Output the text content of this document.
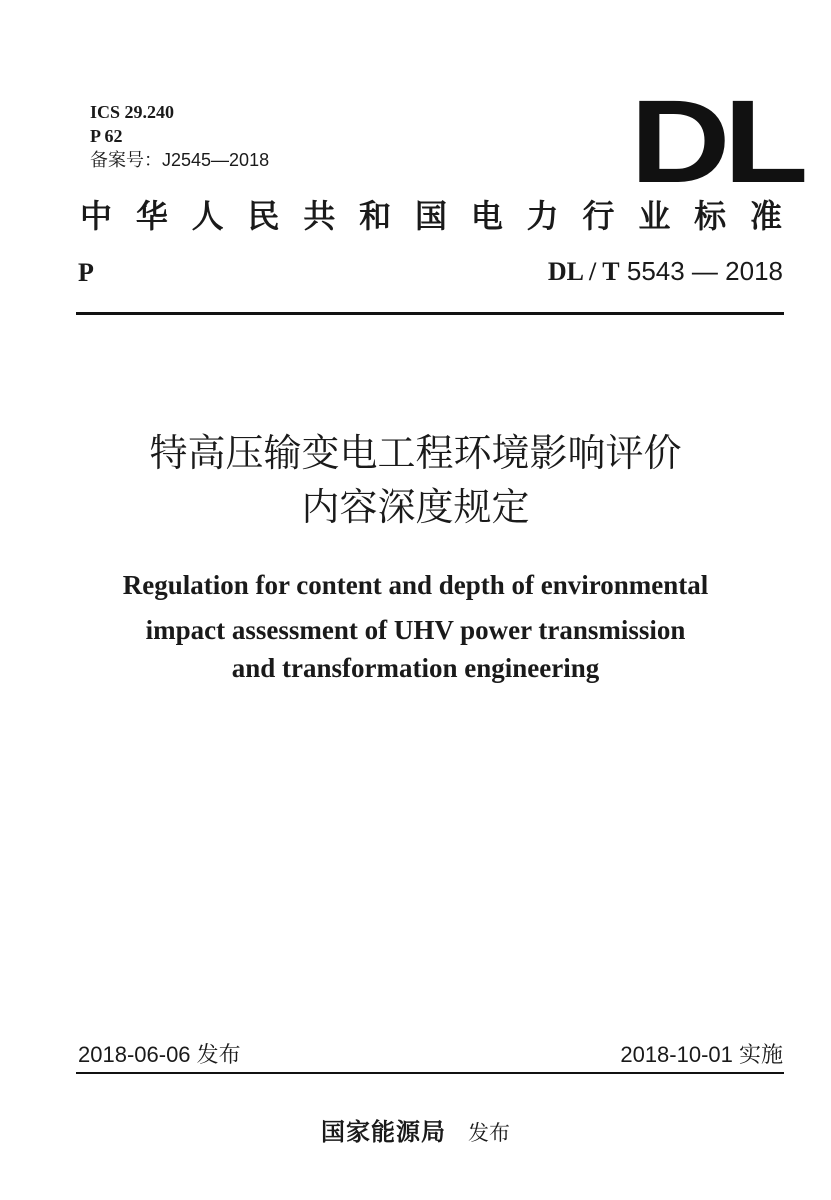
ICS 29.240
P 62
备案号：J2545—2018	DL
中华人民共和国电力行业标准
P	DL / T 5543 — 2018
特高压输变电工程环境影响评价
内容深度规定
Regulation for content and depth of environmental
impact assessment of UHV power transmission
and transformation engineering
2018-06-06 发布	2018-10-01 实施
国家能源局 发布
